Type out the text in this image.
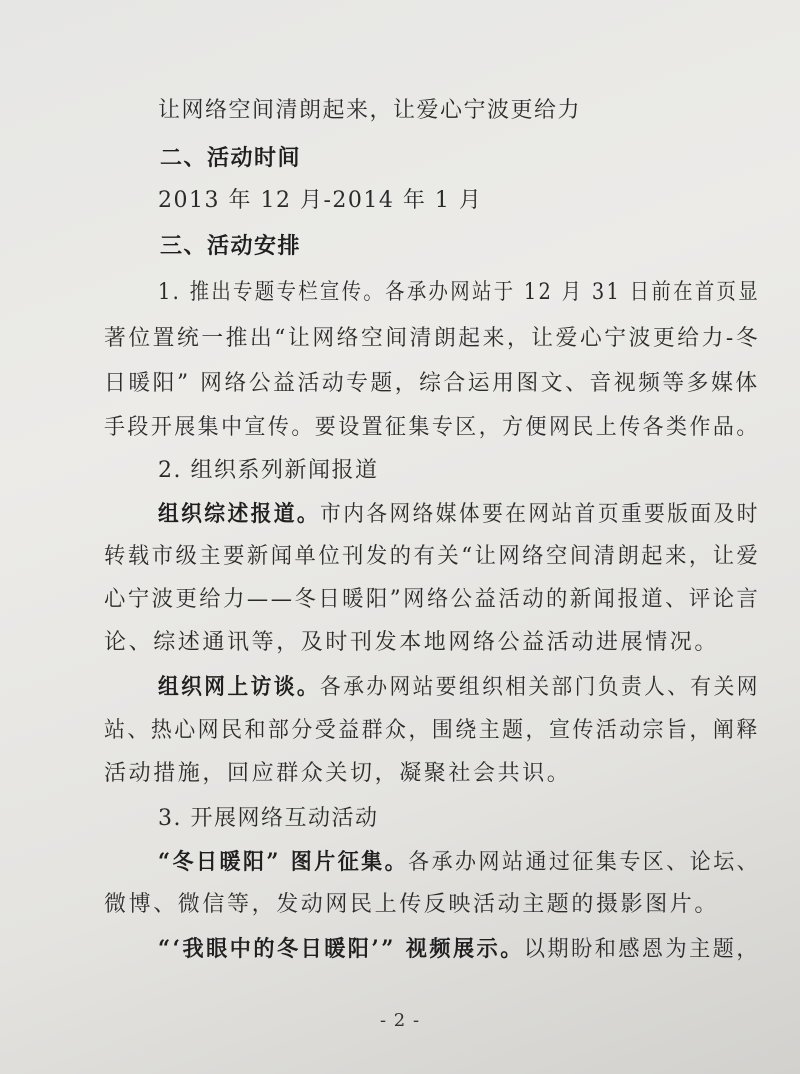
让网络空间清朗起来，让爱心宁波更给力
二、活动时间
2013 年 12 月-2014 年 1 月
三、活动安排
1. 推出专题专栏宣传。各承办网站于 12 月 31 日前在首页显
著位置统一推出“让网络空间清朗起来，让爱心宁波更给力-冬
日暖阳” 网络公益活动专题，综合运用图文、音视频等多媒体
手段开展集中宣传。要设置征集专区，方便网民上传各类作品。
2. 组织系列新闻报道
组织综述报道。市内各网络媒体要在网站首页重要版面及时
转载市级主要新闻单位刊发的有关“让网络空间清朗起来，让爱
心宁波更给力——冬日暖阳”网络公益活动的新闻报道、评论言
论、综述通讯等，及时刊发本地网络公益活动进展情况。
组织网上访谈。各承办网站要组织相关部门负责人、有关网
站、热心网民和部分受益群众，围绕主题，宣传活动宗旨，阐释
活动措施，回应群众关切，凝聚社会共识。
3. 开展网络互动活动
“冬日暖阳” 图片征集。各承办网站通过征集专区、论坛、
微博、微信等，发动网民上传反映活动主题的摄影图片。
“‘我眼中的冬日暖阳’” 视频展示。以期盼和感恩为主题，
- 2 -
